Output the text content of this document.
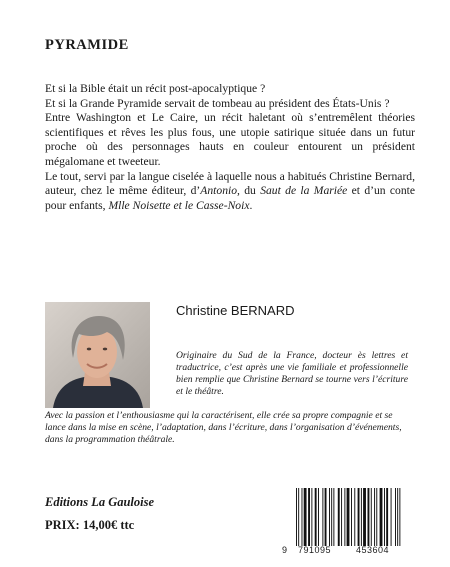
PYRAMIDE

Et si la Bible était un récit post-apocalyptique ?

Et si la Grande Pyramide servait de tombeau au président des États-Unis ?

Entre Washington et Le Caire, un récit haletant où s’entremêlent théories scientifiques et rêves les plus fous, une utopie satirique située dans un futur proche où des personnages hauts en couleur entourent un président mégalomane et tweeteur.

Le tout, servi par la langue ciselée à laquelle nous a habitués Christine Bernard, auteur, chez le même éditeur, d’Antonio, du Saut de la Mariée et d’un conte pour enfants, Mlle Noisette et le Casse-Noix.

Christine BERNARD

Originaire du Sud de la France, docteur ès lettres et traductrice, c’est après une vie familiale et professionnelle bien remplie que Christine Bernard se tourne vers l’écriture et le théâtre.

Avec la passion et l’enthousiasme qui la caractérisent, elle crée sa propre compagnie et se lance dans la mise en scène, l’adaptation, dans l’écriture, dans l’organisation d’événements, dans la programmation théâtrale.

Editions La Gauloise
PRIX: 14,00€ ttc
9 791095	453604
